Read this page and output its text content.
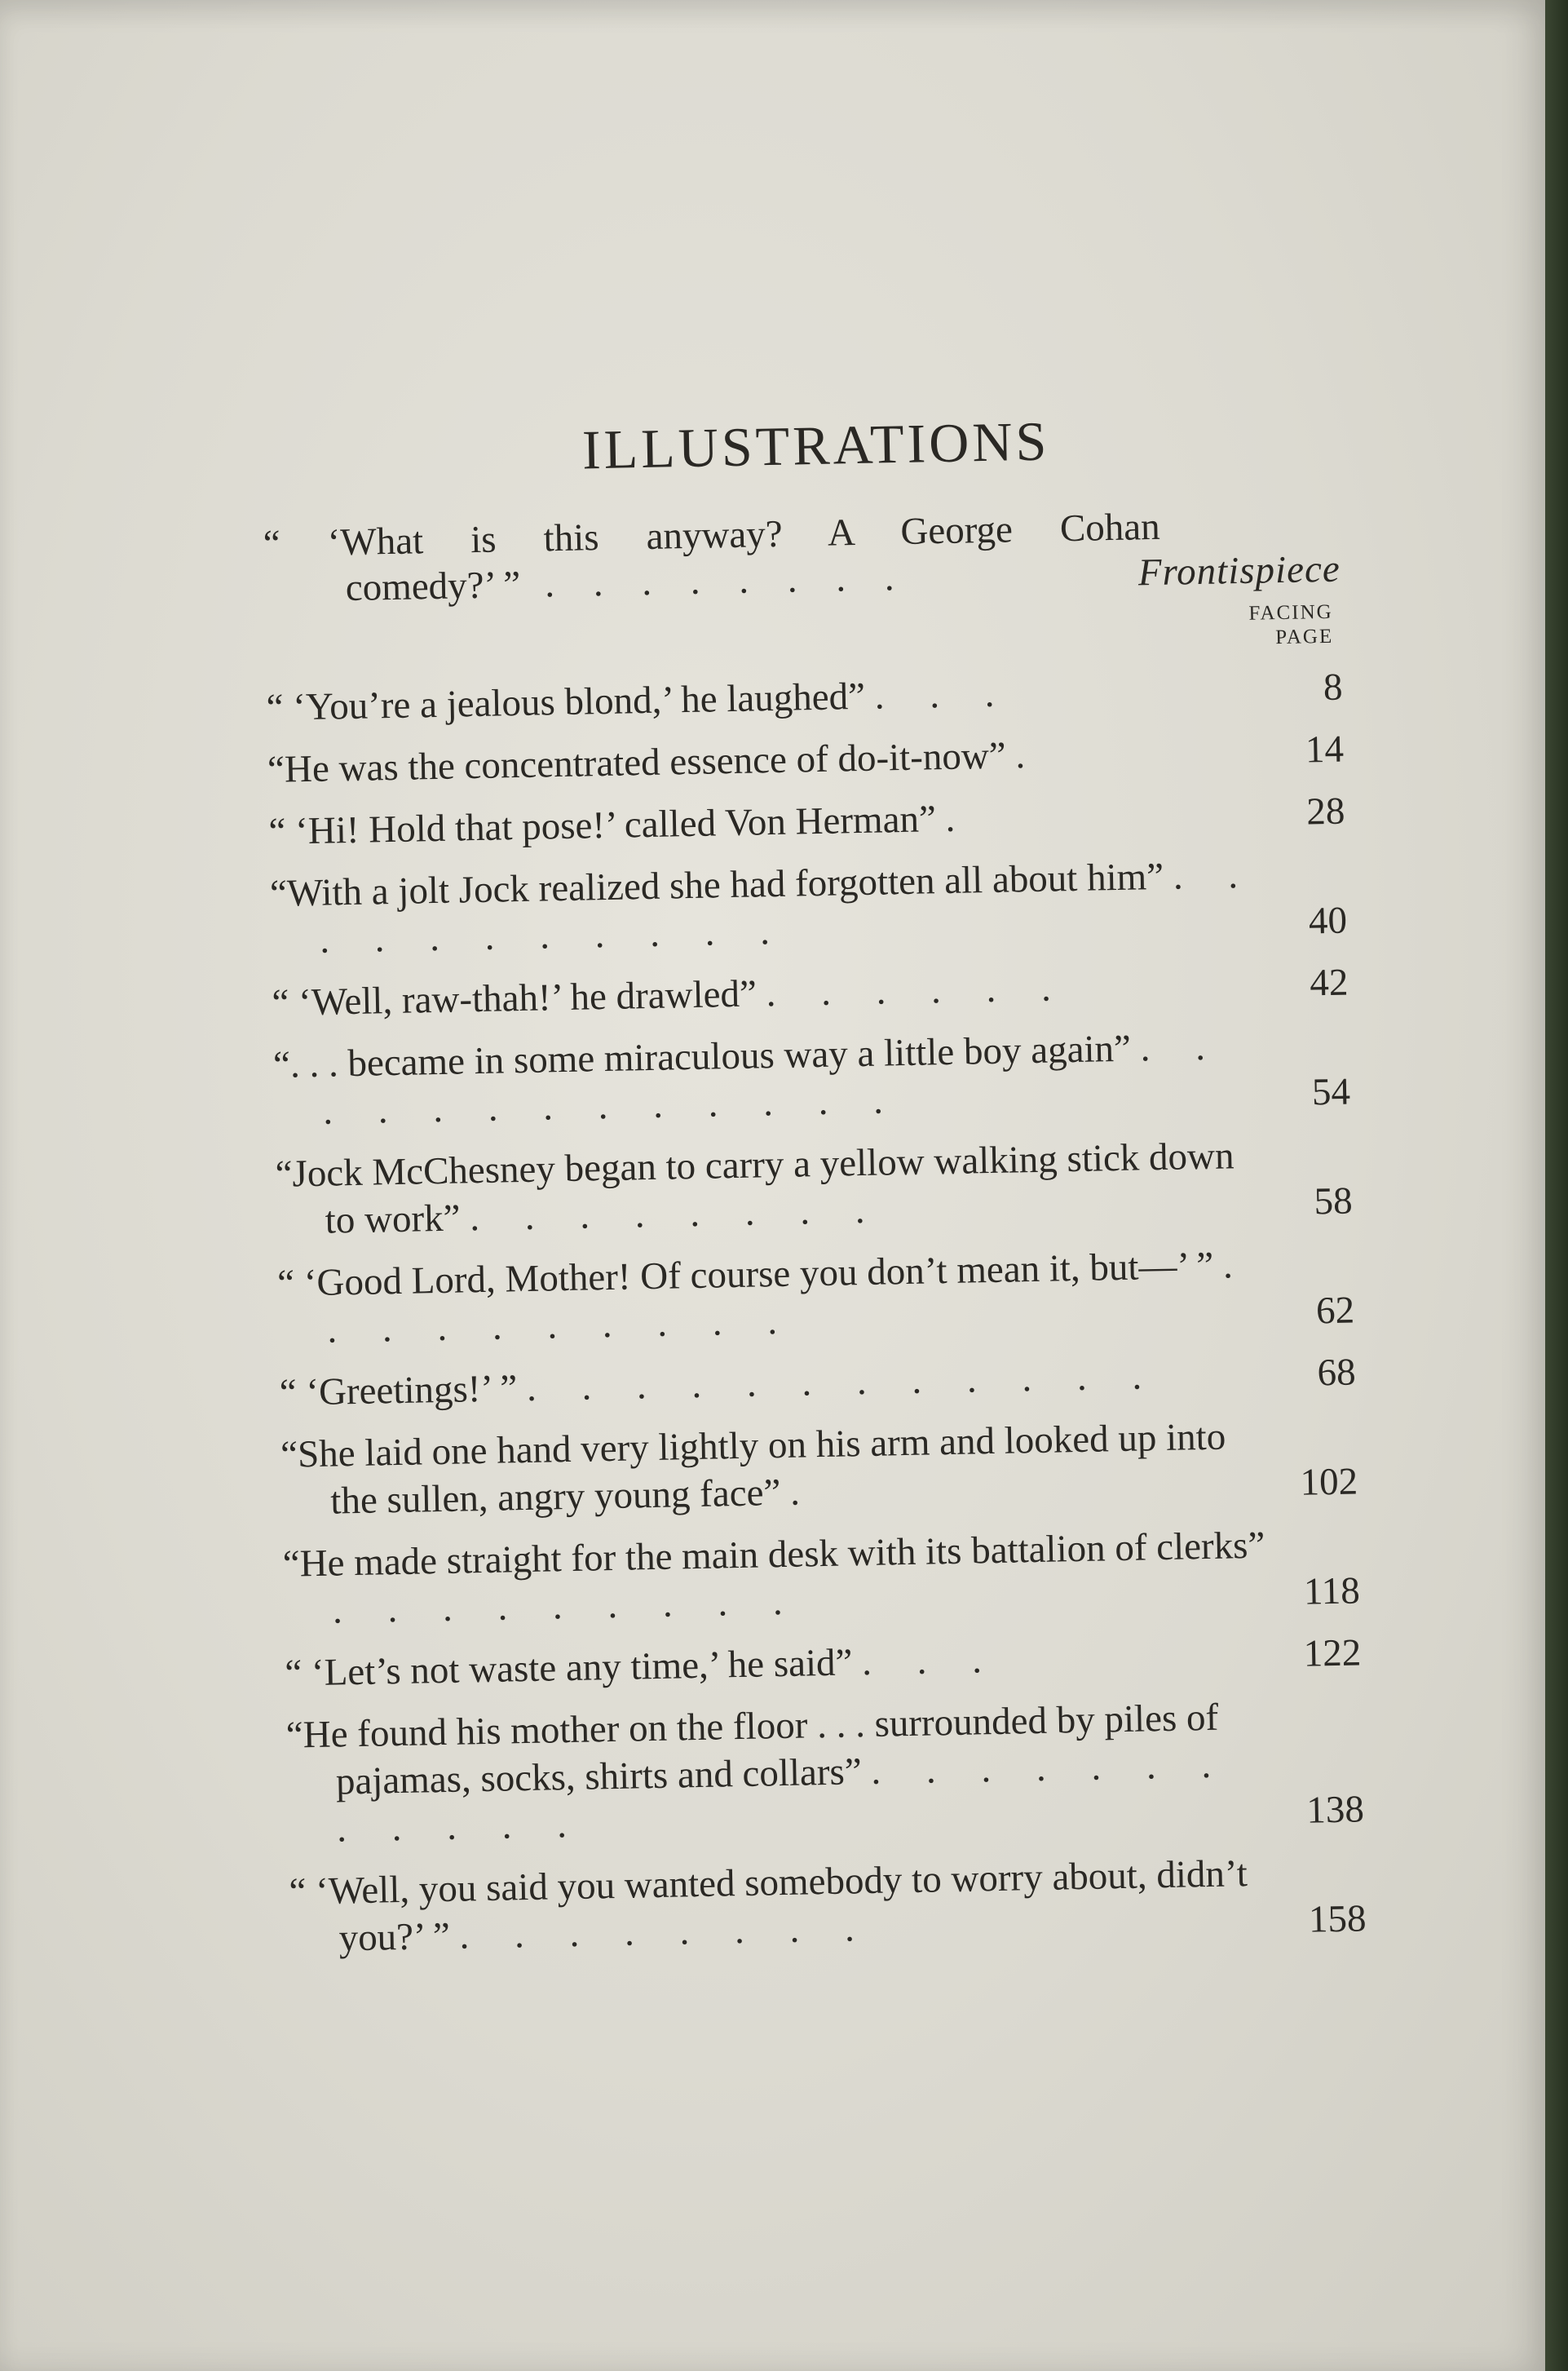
ILLUSTRATIONS
“ ‘What is this anyway? A George Cohan
comedy?’ ” . . . . . . . .	Frontispiece
FACING
PAGE
“ ‘You’re a jealous blond,’ he laughed” . . .	8
“He was the concentrated essence of do-it-now” .	14
“ ‘Hi! Hold that pose!’ called Von Herman” .	28
“With a jolt Jock realized she had forgotten all about him” . . . . . . . . . . .	40
“ ‘Well, raw-thah!’ he drawled” . . . . . .	42
“. . . became in some miraculous way a little boy again” . . . . . . . . . . . . .	54
“Jock McChesney began to carry a yellow walking stick down to work” . . . . . . . .	58
“ ‘Good Lord, Mother! Of course you don’t mean it, but—’ ” . . . . . . . . . .	62
“ ‘Greetings!’ ” . . . . . . . . . . . .	68
“She laid one hand very lightly on his arm and looked up into the sullen, angry young face” .	102
“He made straight for the main desk with its battalion of clerks” . . . . . . . . .	118
“ ‘Let’s not waste any time,’ he said” . . .	122
“He found his mother on the floor . . . surrounded by piles of pajamas, socks, shirts and collars” . . . . . . . . . . . .	138
“ ‘Well, you said you wanted somebody to worry about, didn’t you?’ ” . . . . . . . .	158
